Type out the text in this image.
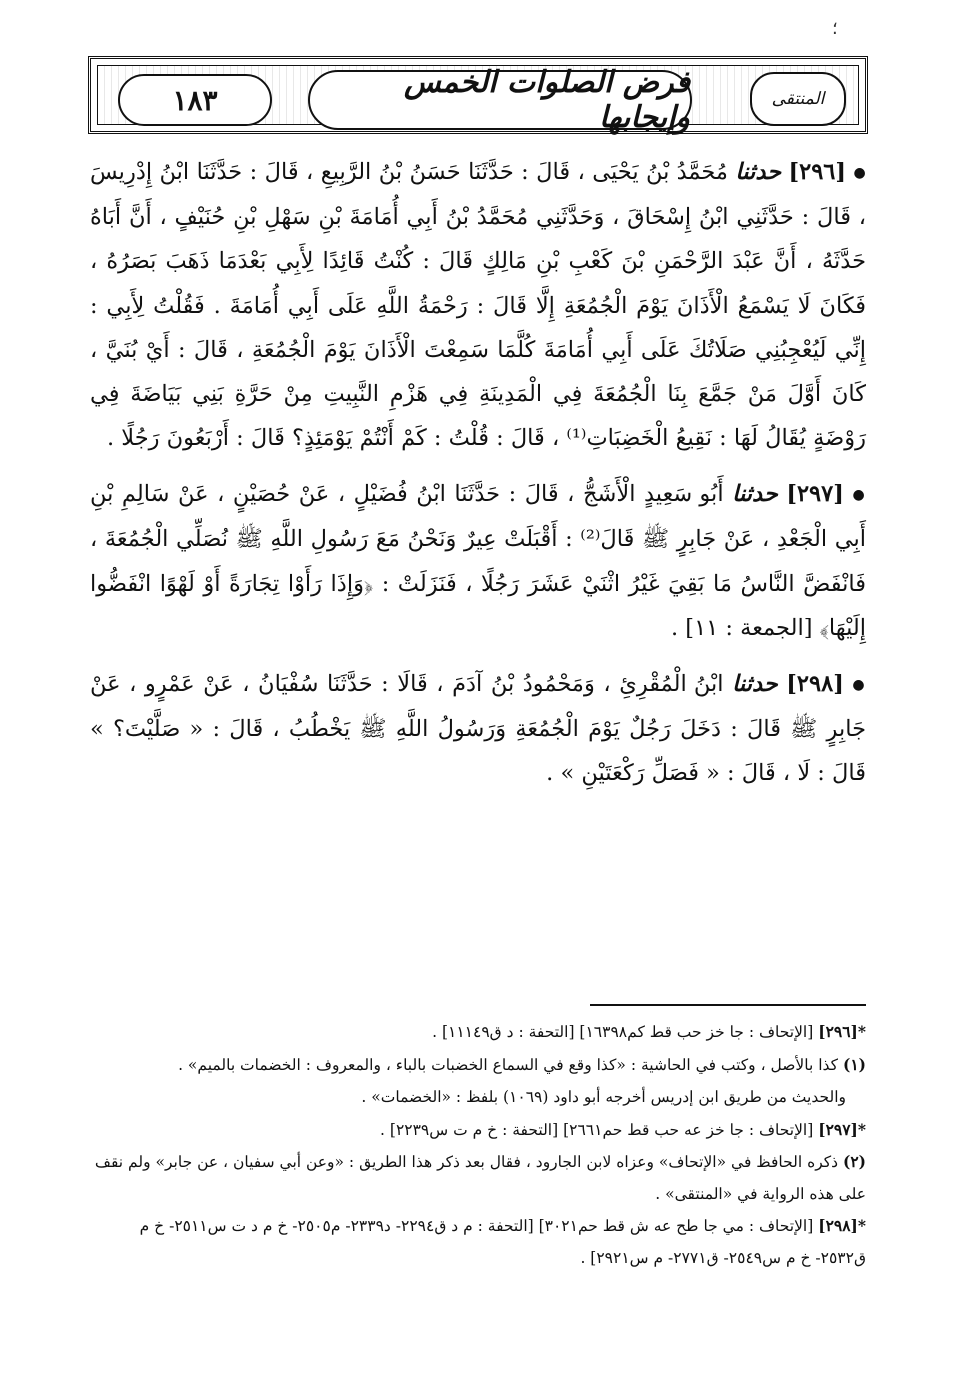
؛
١٨٣	فرض الصلوات الخمس وإيجابها
المنتقى

● [٢٩٦] حدثنا مُحَمَّدُ بْنُ يَحْيَى ، قَالَ : حَدَّثَنَا حَسَنُ بْنُ الرَّبِيعِ ، قَالَ : حَدَّثَنَا ابْنُ إِدْرِيسَ ، قَالَ : حَدَّثَنِي ابْنُ إِسْحَاقَ ، وَحَدَّثَنِي مُحَمَّدُ بْنُ أَبِي أُمَامَةَ بْنِ سَهْلِ بْنِ حُنَيْفٍ ، أَنَّ أَبَاهُ حَدَّثَهُ ، أَنَّ عَبْدَ الرَّحْمَنِ بْنَ كَعْبِ بْنِ مَالِكٍ قَالَ : كُنْتُ قَائِدًا لِأَبِي بَعْدَمَا ذَهَبَ بَصَرُهُ ، فَكَانَ لَا يَسْمَعُ الْأَذَانَ يَوْمَ الْجُمُعَةِ إِلَّا قَالَ : رَحْمَةُ اللَّهِ عَلَى أَبِي أُمَامَةَ . فَقُلْتُ لِأَبِي : إِنِّي لَيُعْجِبُنِي صَلَاتُكَ عَلَى أَبِي أُمَامَةَ كُلَّمَا سَمِعْتَ الْأَذَانَ يَوْمَ الْجُمُعَةِ ، قَالَ : أَيْ بُنَيَّ ، كَانَ أَوَّلَ مَنْ جَمَّعَ بِنَا الْجُمُعَةَ فِي الْمَدِينَةِ فِي هَزْمِ النَّبِيتِ مِنْ حَرَّةِ بَنِي بَيَاضَةَ فِي رَوْضَةٍ يُقَالُ لَهَا : نَقِيعُ الْخَضِبَاتِ⁽¹⁾ ، قَالَ : قُلْتُ : كَمْ أَنْتُمْ يَوْمَئِذٍ؟ قَالَ : أَرْبَعُونَ رَجُلًا .

● [٢٩٧] حدثنا أَبُو سَعِيدٍ الْأَشَجُّ ، قَالَ : حَدَّثَنَا ابْنُ فُضَيْلٍ ، عَنْ حُصَيْنٍ ، عَنْ سَالِمِ بْنِ أَبِي الْجَعْدِ ، عَنْ جَابِرٍ ﷺ قَالَ⁽²⁾ : أَقْبَلَتْ عِيرٌ وَنَحْنُ مَعَ رَسُولِ اللَّهِ ﷺ نُصَلِّي الْجُمُعَةَ ، فَانْفَضَّ النَّاسُ مَا بَقِيَ غَيْرُ اثْنَيْ عَشَرَ رَجُلًا ، فَنَزَلَتْ : ﴿وَإِذَا رَأَوْا تِجَارَةً أَوْ لَهْوًا انْفَضُّوا إِلَيْهَا﴾ [الجمعة : ١١] .

● [٢٩٨] حدثنا ابْنُ الْمُقْرِئِ ، وَمَحْمُودُ بْنُ آدَمَ ، قَالَا : حَدَّثَنَا سُفْيَانُ ، عَنْ عَمْرٍو ، عَنْ جَابِرٍ ﷺ قَالَ : دَخَلَ رَجُلٌ يَوْمَ الْجُمُعَةِ وَرَسُولُ اللَّهِ ﷺ يَخْطُبُ ، قَالَ : « صَلَّيْتَ؟ » قَالَ : لَا ، قَالَ : « فَصَلِّ رَكْعَتَيْنِ » .

*[٢٩٦] [الإتحاف : جا خز حب قط كم١٦٣٩٨] [التحفة : د ق١١١٤٩] .

(١) كذا بالأصل ، وكتب في الحاشية : «كذا وقع في السماع الخضبات بالباء ، والمعروف : الخضمات بالميم» .

والحديث من طريق ابن إدريس أخرجه أبو داود (١٠٦٩) بلفظ : «الخضمات» .

*[٢٩٧] [الإتحاف : جا خز عه حب قط حم٢٦٦١] [التحفة : خ م ت س٢٢٣٩] .

(٢) ذكره الحافظ في «الإتحاف» وعزاه لابن الجارود ، فقال بعد ذكر هذا الطريق : «وعن أبي سفيان ، عن جابر» ولم نقف على هذه الرواية في «المنتقى» .

*[٢٩٨] [الإتحاف : مي جا طح عه ش قط حم٣٠٢١] [التحفة : م د ق٢٢٩٤- د٢٣٣٩- م٢٥٠٥- خ م د ت س٢٥١١- خ م ق٢٥٣٢- خ م س٢٥٤٩- ق٢٧٧١- م س٢٩٢١] .
